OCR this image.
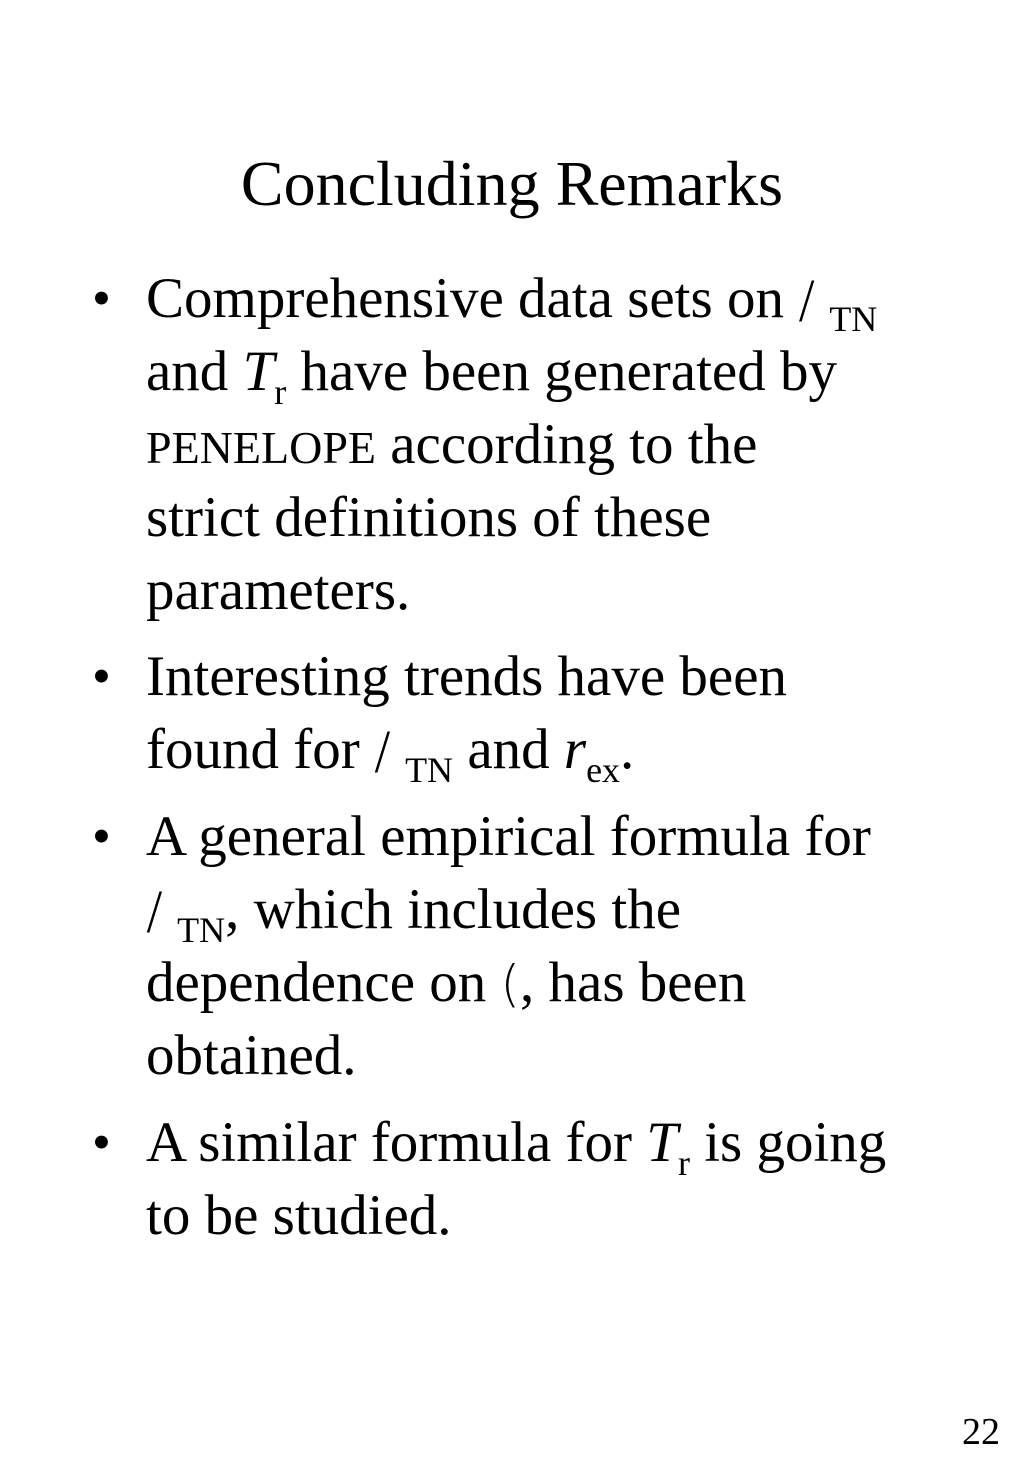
Concluding Remarks
• Comprehensive data sets on / $_{TN}$
and $T_r$ have been generated by
PENELOPE according to the
strict definitions of these
parameters.
• Interesting trends have been
found for / $_{TN}$ and $r_{ex}$.
• A general empirical formula for
/ $_{TN}$, which includes the
dependence on (, has been
obtained.
• A similar formula for $T_r$ is going
to be studied.
22
